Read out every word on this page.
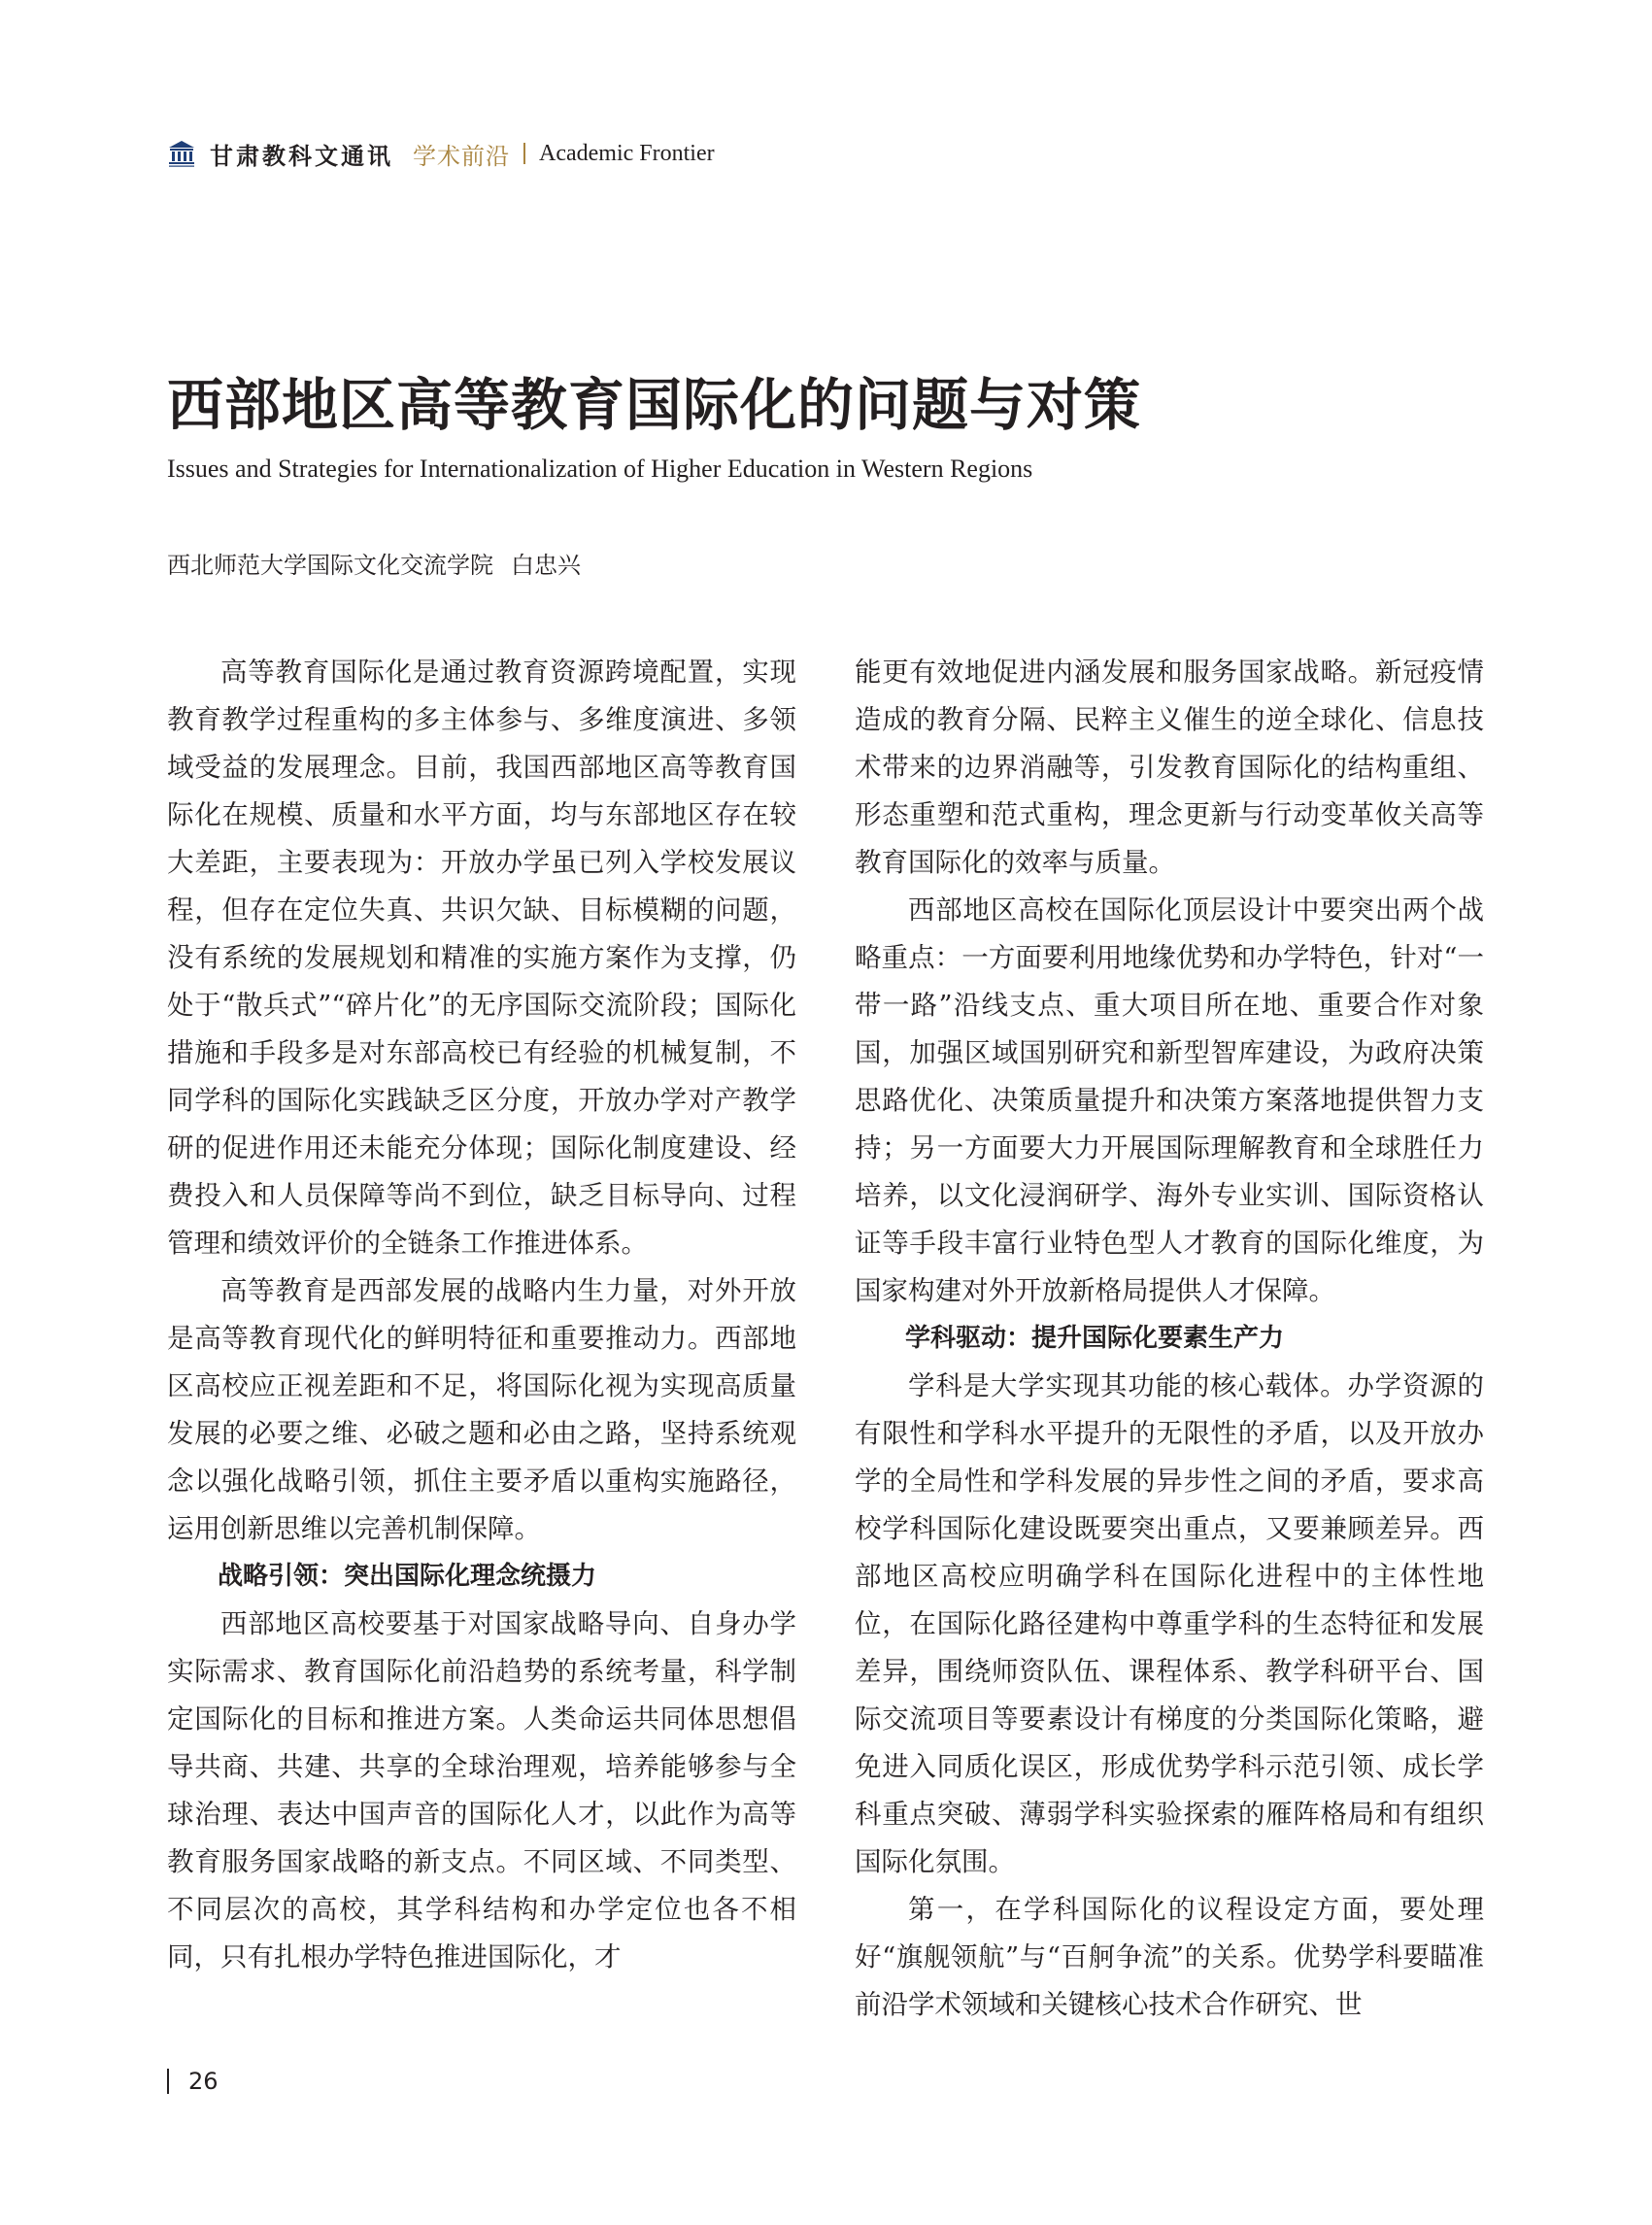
甘肃教科文通讯 学术前沿 Academic Frontier
西部地区高等教育国际化的问题与对策
Issues and Strategies for Internationalization of Higher Education in Western Regions
西北师范大学国际文化交流学院 白忠兴

高等教育国际化是通过教育资源跨境配置，实现教育教学过程重构的多主体参与、多维度演进、多领域受益的发展理念。目前，我国西部地区高等教育国际化在规模、质量和水平方面，均与东部地区存在较大差距，主要表现为：开放办学虽已列入学校发展议程，但存在定位失真、共识欠缺、目标模糊的问题，没有系统的发展规划和精准的实施方案作为支撑，仍处于“散兵式”“碎片化”的无序国际交流阶段；国际化措施和手段多是对东部高校已有经验的机械复制，不同学科的国际化实践缺乏区分度，开放办学对产教学研的促进作用还未能充分体现；国际化制度建设、经费投入和人员保障等尚不到位，缺乏目标导向、过程管理和绩效评价的全链条工作推进体系。

高等教育是西部发展的战略内生力量，对外开放是高等教育现代化的鲜明特征和重要推动力。西部地区高校应正视差距和不足，将国际化视为实现高质量发展的必要之维、必破之题和必由之路，坚持系统观念以强化战略引领，抓住主要矛盾以重构实施路径，运用创新思维以完善机制保障。

战略引领：突出国际化理念统摄力

西部地区高校要基于对国家战略导向、自身办学实际需求、教育国际化前沿趋势的系统考量，科学制定国际化的目标和推进方案。人类命运共同体思想倡导共商、共建、共享的全球治理观，培养能够参与全球治理、表达中国声音的国际化人才，以此作为高等教育服务国家战略的新支点。不同区域、不同类型、不同层次的高校，其学科结构和办学定位也各不相同，只有扎根办学特色推进国际化，才

能更有效地促进内涵发展和服务国家战略。新冠疫情造成的教育分隔、民粹主义催生的逆全球化、信息技术带来的边界消融等，引发教育国际化的结构重组、形态重塑和范式重构，理念更新与行动变革攸关高等教育国际化的效率与质量。

西部地区高校在国际化顶层设计中要突出两个战略重点：一方面要利用地缘优势和办学特色，针对“一带一路”沿线支点、重大项目所在地、重要合作对象国，加强区域国别研究和新型智库建设，为政府决策思路优化、决策质量提升和决策方案落地提供智力支持；另一方面要大力开展国际理解教育和全球胜任力培养，以文化浸润研学、海外专业实训、国际资格认证等手段丰富行业特色型人才教育的国际化维度，为国家构建对外开放新格局提供人才保障。

学科驱动：提升国际化要素生产力

学科是大学实现其功能的核心载体。办学资源的有限性和学科水平提升的无限性的矛盾，以及开放办学的全局性和学科发展的异步性之间的矛盾，要求高校学科国际化建设既要突出重点，又要兼顾差异。西部地区高校应明确学科在国际化进程中的主体性地位，在国际化路径建构中尊重学科的生态特征和发展差异，围绕师资队伍、课程体系、教学科研平台、国际交流项目等要素设计有梯度的分类国际化策略，避免进入同质化误区，形成优势学科示范引领、成长学科重点突破、薄弱学科实验探索的雁阵格局和有组织国际化氛围。

第一，在学科国际化的议程设定方面，要处理好“旗舰领航”与“百舸争流”的关系。优势学科要瞄准前沿学术领域和关键核心技术合作研究、世

26
